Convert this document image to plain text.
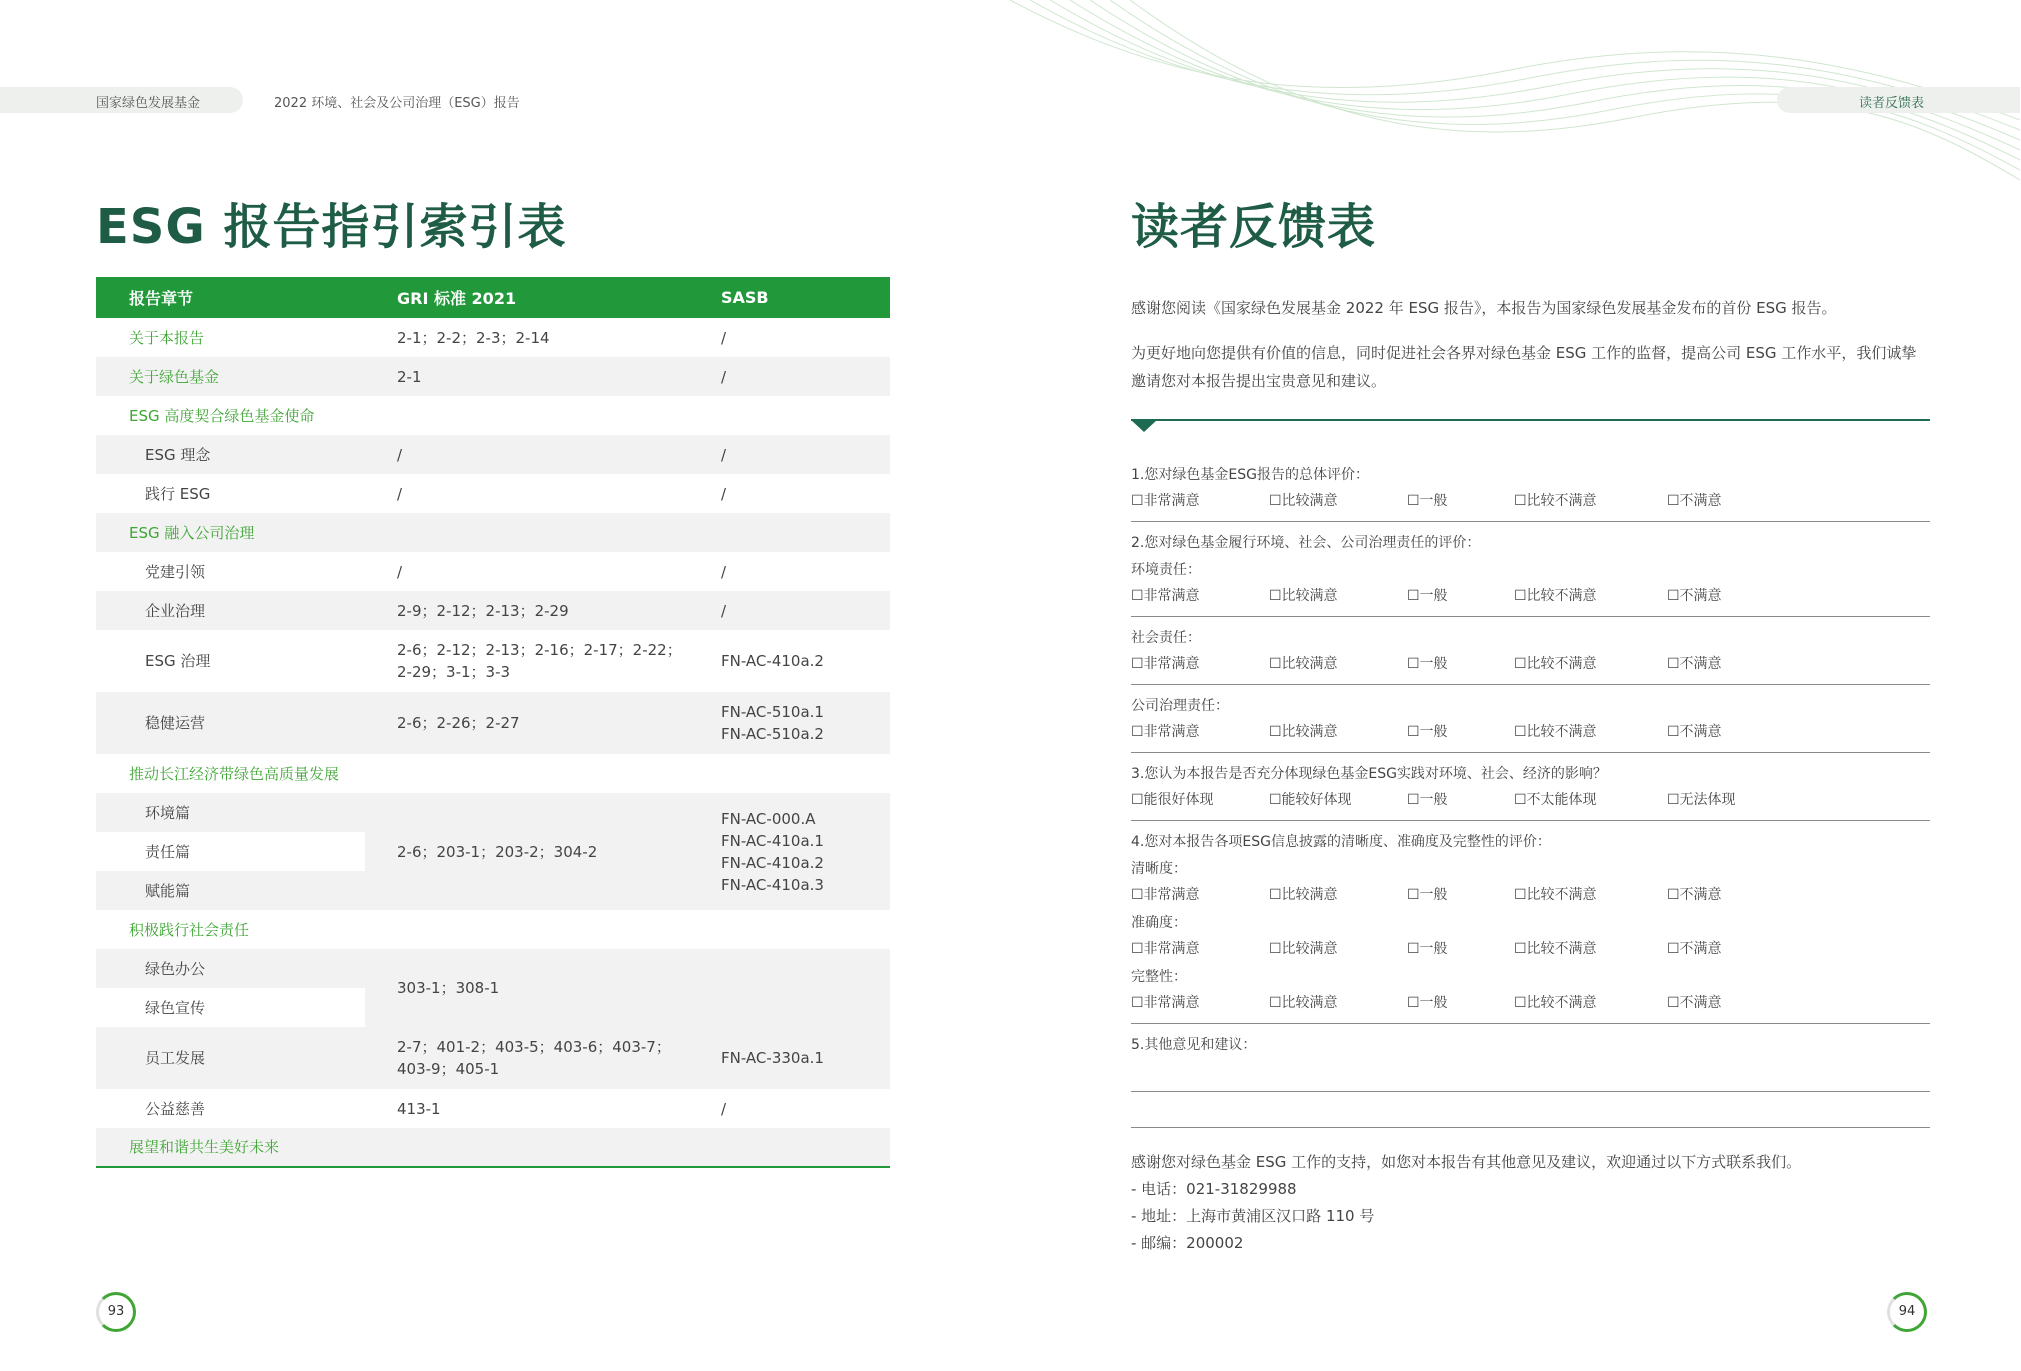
国家绿色发展基金	2022 环境、社会及公司治理（ESG）报告
ESG 报告指引索引表
报告章节	GRI 标准 2021	SASB
关于本报告	2-1；2-2；2-3；2-14	/
关于绿色基金	2-1	/
ESG 高度契合绿色基金使命		
ESG 理念	/	/
践行 ESG	/	/
ESG 融入公司治理		
党建引领	/	/
企业治理	2-9；2-12；2-13；2-29	/
ESG 治理	2-6；2-12；2-13；2-16；2-17；2-22；2-29；3-1；3-3	FN-AC-410a.2
稳健运营	2-6；2-26；2-27	FN-AC-510a.1 FN-AC-510a.2

推动长江经济带绿色高质量发展		
环境篇	2-6；203-1；203-2；304-2	FN-AC-000.A FN-AC-410a.1 FN-AC-410a.2 FN-AC-410a.3

责任篇		
赋能篇		
积极践行社会责任		
绿色办公	303-1；308-1	
绿色宣传		
员工发展	2-7；401-2；403-5；403-6；403-7；403-9；405-1	FN-AC-330a.1
公益慈善	413-1	/
展望和谐共生美好未来		
93
读者反馈表
读者反馈表
感谢您阅读《国家绿色发展基金 2022 年 ESG 报告》，本报告为国家绿色发展基金发布的首份 ESG 报告。
为更好地向您提供有价值的信息，同时促进社会各界对绿色基金 ESG 工作的监督，提高公司 ESG 工作水平，我们诚挚邀请您对本报告提出宝贵意见和建议。
1.您对绿色基金ESG报告的总体评价：
☐非常满意	☐比较满意	☐一般	☐比较不满意	☐不满意
2.您对绿色基金履行环境、社会、公司治理责任的评价：
环境责任：
☐非常满意	☐比较满意	☐一般	☐比较不满意	☐不满意
社会责任：
☐非常满意	☐比较满意	☐一般	☐比较不满意	☐不满意
公司治理责任：
☐非常满意	☐比较满意	☐一般	☐比较不满意	☐不满意
3.您认为本报告是否充分体现绿色基金ESG实践对环境、社会、经济的影响？
☐能很好体现	☐能较好体现	☐一般	☐不太能体现	☐无法体现
4.您对本报告各项ESG信息披露的清晰度、准确度及完整性的评价：
清晰度：
☐非常满意	☐比较满意	☐一般	☐比较不满意	☐不满意
准确度：
☐非常满意	☐比较满意	☐一般	☐比较不满意	☐不满意
完整性：
☐非常满意	☐比较满意	☐一般	☐比较不满意	☐不满意
5.其他意见和建议：
感谢您对绿色基金 ESG 工作的支持，如您对本报告有其他意见及建议，欢迎通过以下方式联系我们。
- 电话：021-31829988
- 地址：上海市黄浦区汉口路 110 号
- 邮编：200002
94
